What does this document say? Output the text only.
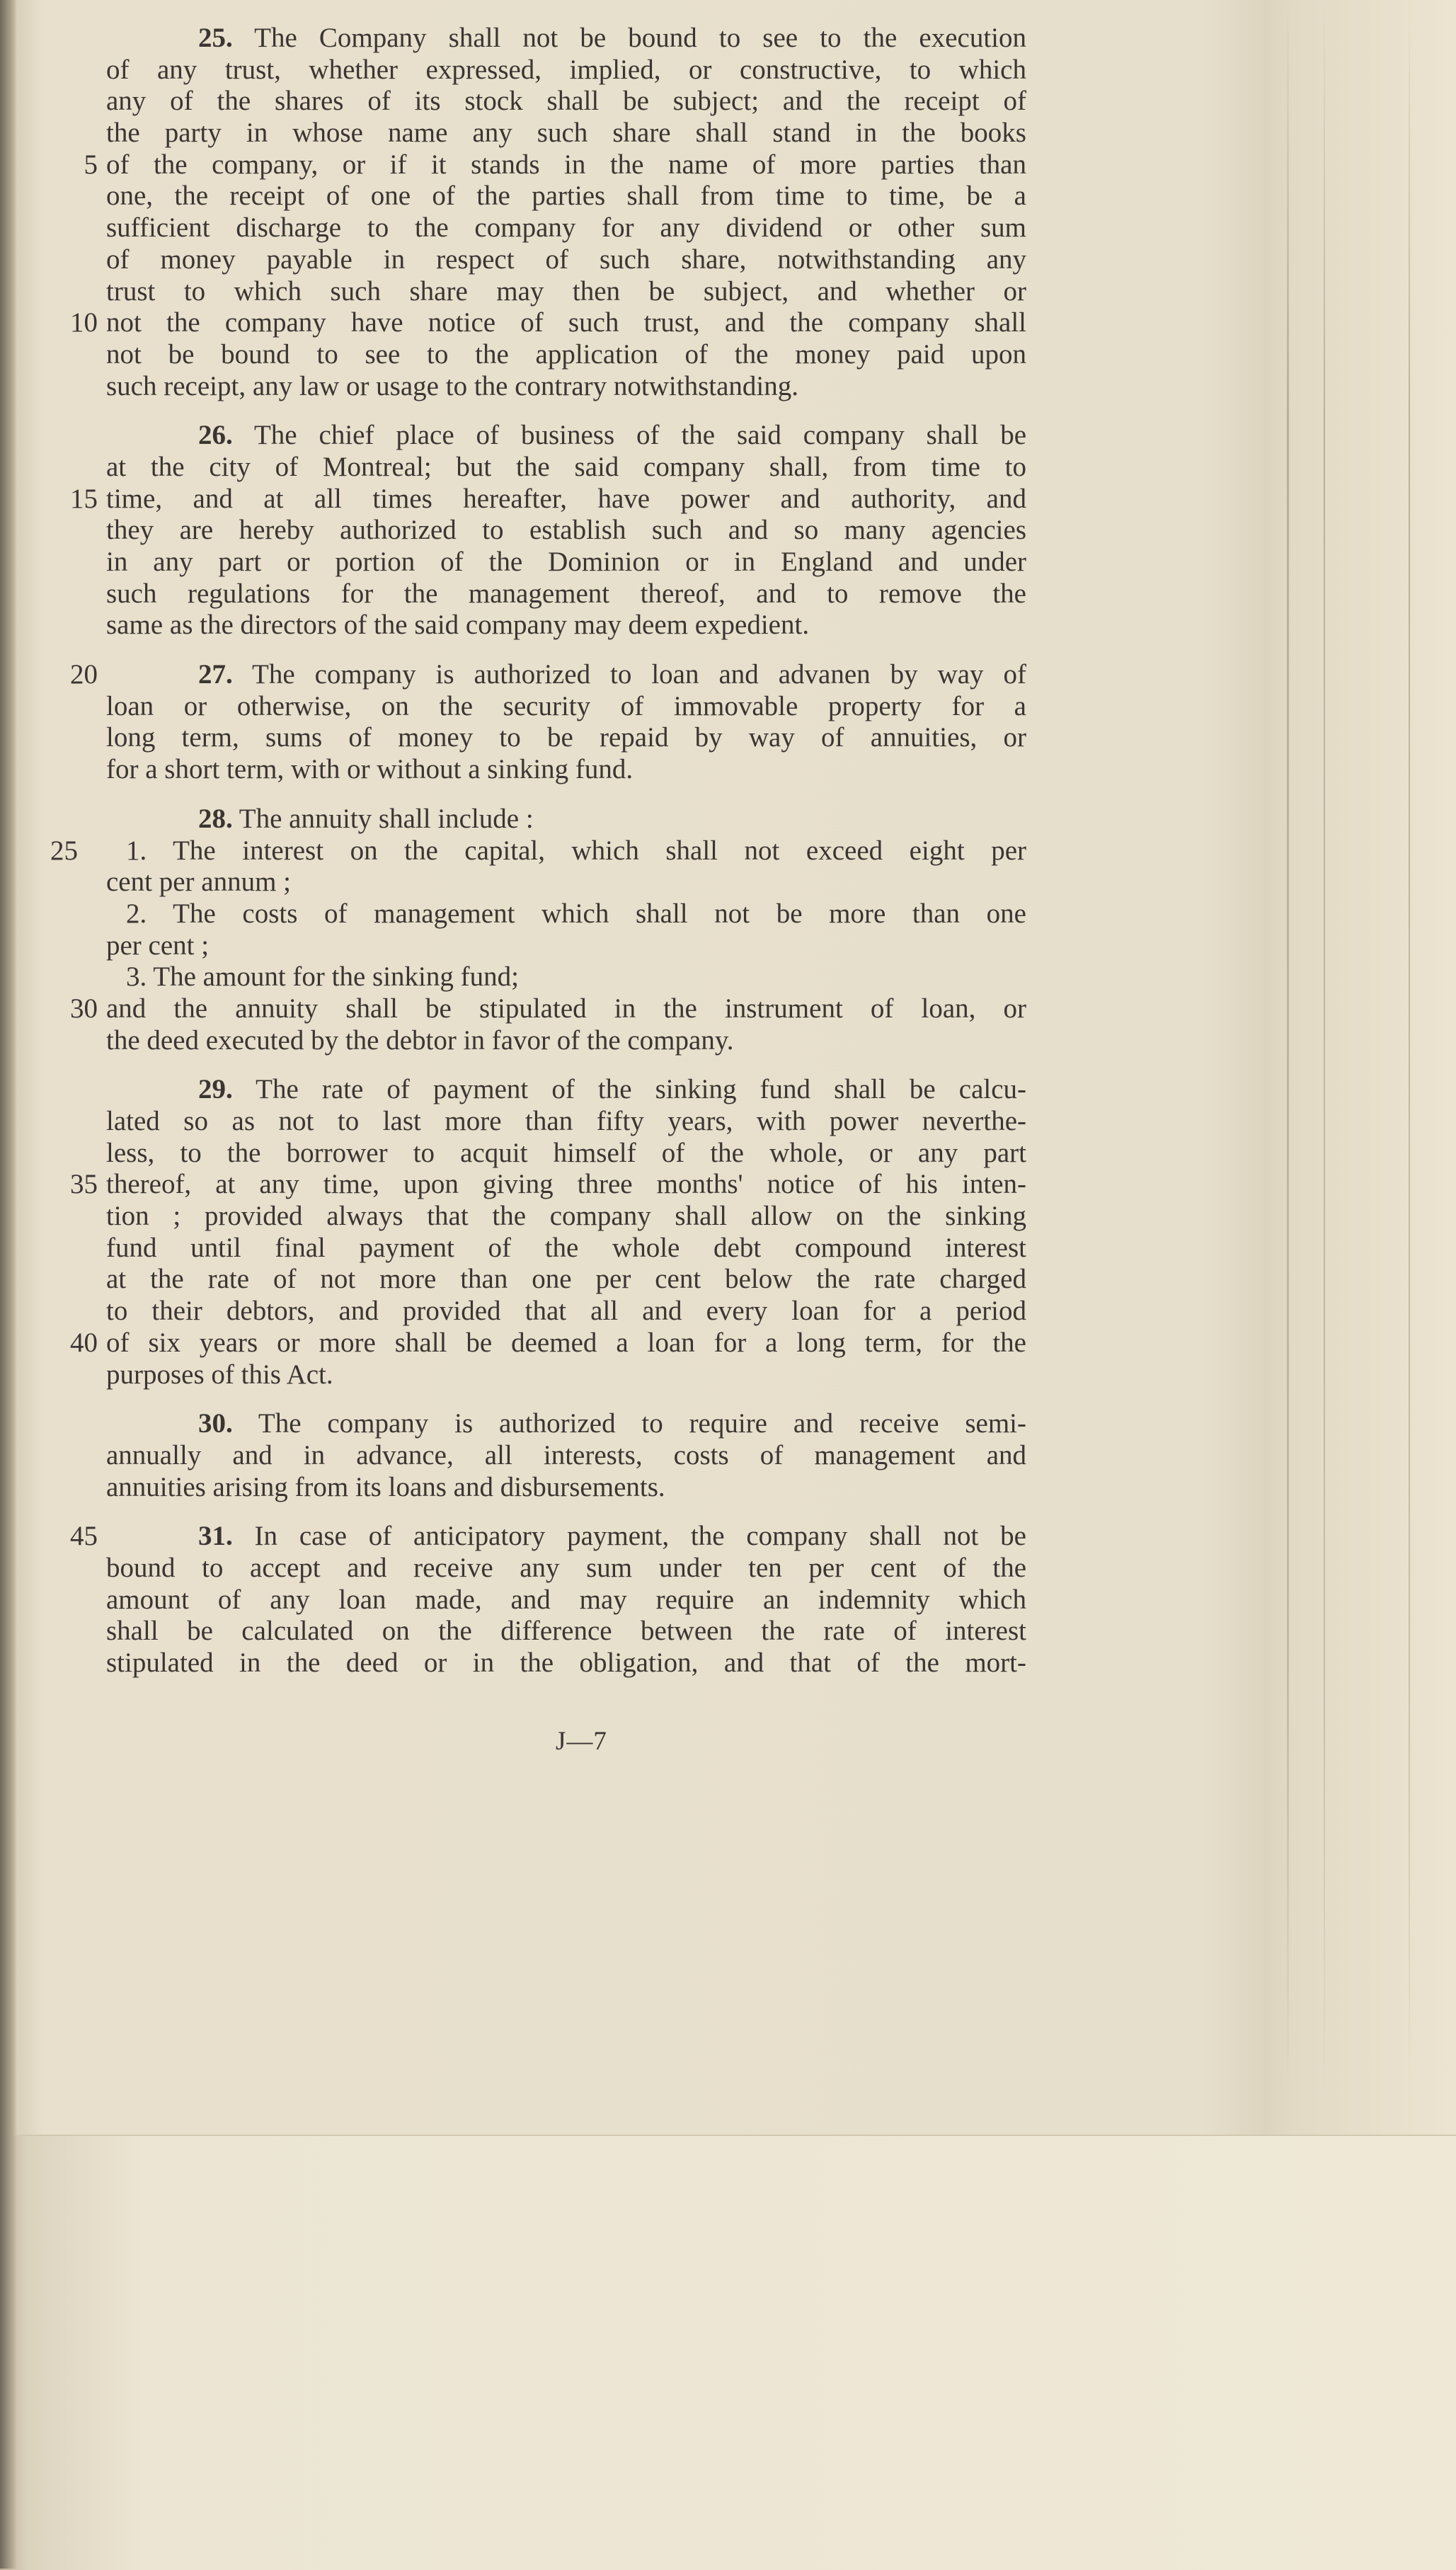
25. The Company shall not be bound to see to the execution
of any trust, whether expressed, implied, or constructive, to which
any of the shares of its stock shall be subject; and the receipt of
the party in whose name any such share shall stand in the books
5 of the company, or if it stands in the name of more parties than
one, the receipt of one of the parties shall from time to time, be a
sufficient discharge to the company for any dividend or other sum
of money payable in respect of such share, notwithstanding any
trust to which such share may then be subject, and whether or
10 not the company have notice of such trust, and the company shall
not be bound to see to the application of the money paid upon
such receipt, any law or usage to the contrary notwithstanding.
26. The chief place of business of the said company shall be
at the city of Montreal; but the said company shall, from time to
15 time, and at all times hereafter, have power and authority, and
they are hereby authorized to establish such and so many agencies
in any part or portion of the Dominion or in England and under
such regulations for the management thereof, and to remove the
same as the directors of the said company may deem expedient.
20	27. The company is authorized to loan and advanen by way of
loan or otherwise, on the security of immovable property for a
long term, sums of money to be repaid by way of annuities, or
for a short term, with or without a sinking fund.
28. The annuity shall include :
25 1. The interest on the capital, which shall not exceed eight per
cent per annum ;
2. The costs of management which shall not be more than one
per cent ;
3. The amount for the sinking fund;
30 and the annuity shall be stipulated in the instrument of loan, or
the deed executed by the debtor in favor of the company.
29. The rate of payment of the sinking fund shall be calcu-
lated so as not to last more than fifty years, with power neverthe-
less, to the borrower to acquit himself of the whole, or any part
35 thereof, at any time, upon giving three months' notice of his inten-
tion ; provided always that the company shall allow on the sinking
fund until final payment of the whole debt compound interest
at the rate of not more than one per cent below the rate charged
to their debtors, and provided that all and every loan for a period
40 of six years or more shall be deemed a loan for a long term, for the
purposes of this Act.
30. The company is authorized to require and receive semi-
annually and in advance, all interests, costs of management and
annuities arising from its loans and disbursements.
45	31. In case of anticipatory payment, the company shall not be
bound to accept and receive any sum under ten per cent of the
amount of any loan made, and may require an indemnity which
shall be calculated on the difference between the rate of interest
stipulated in the deed or in the obligation, and that of the mort-
J—7
